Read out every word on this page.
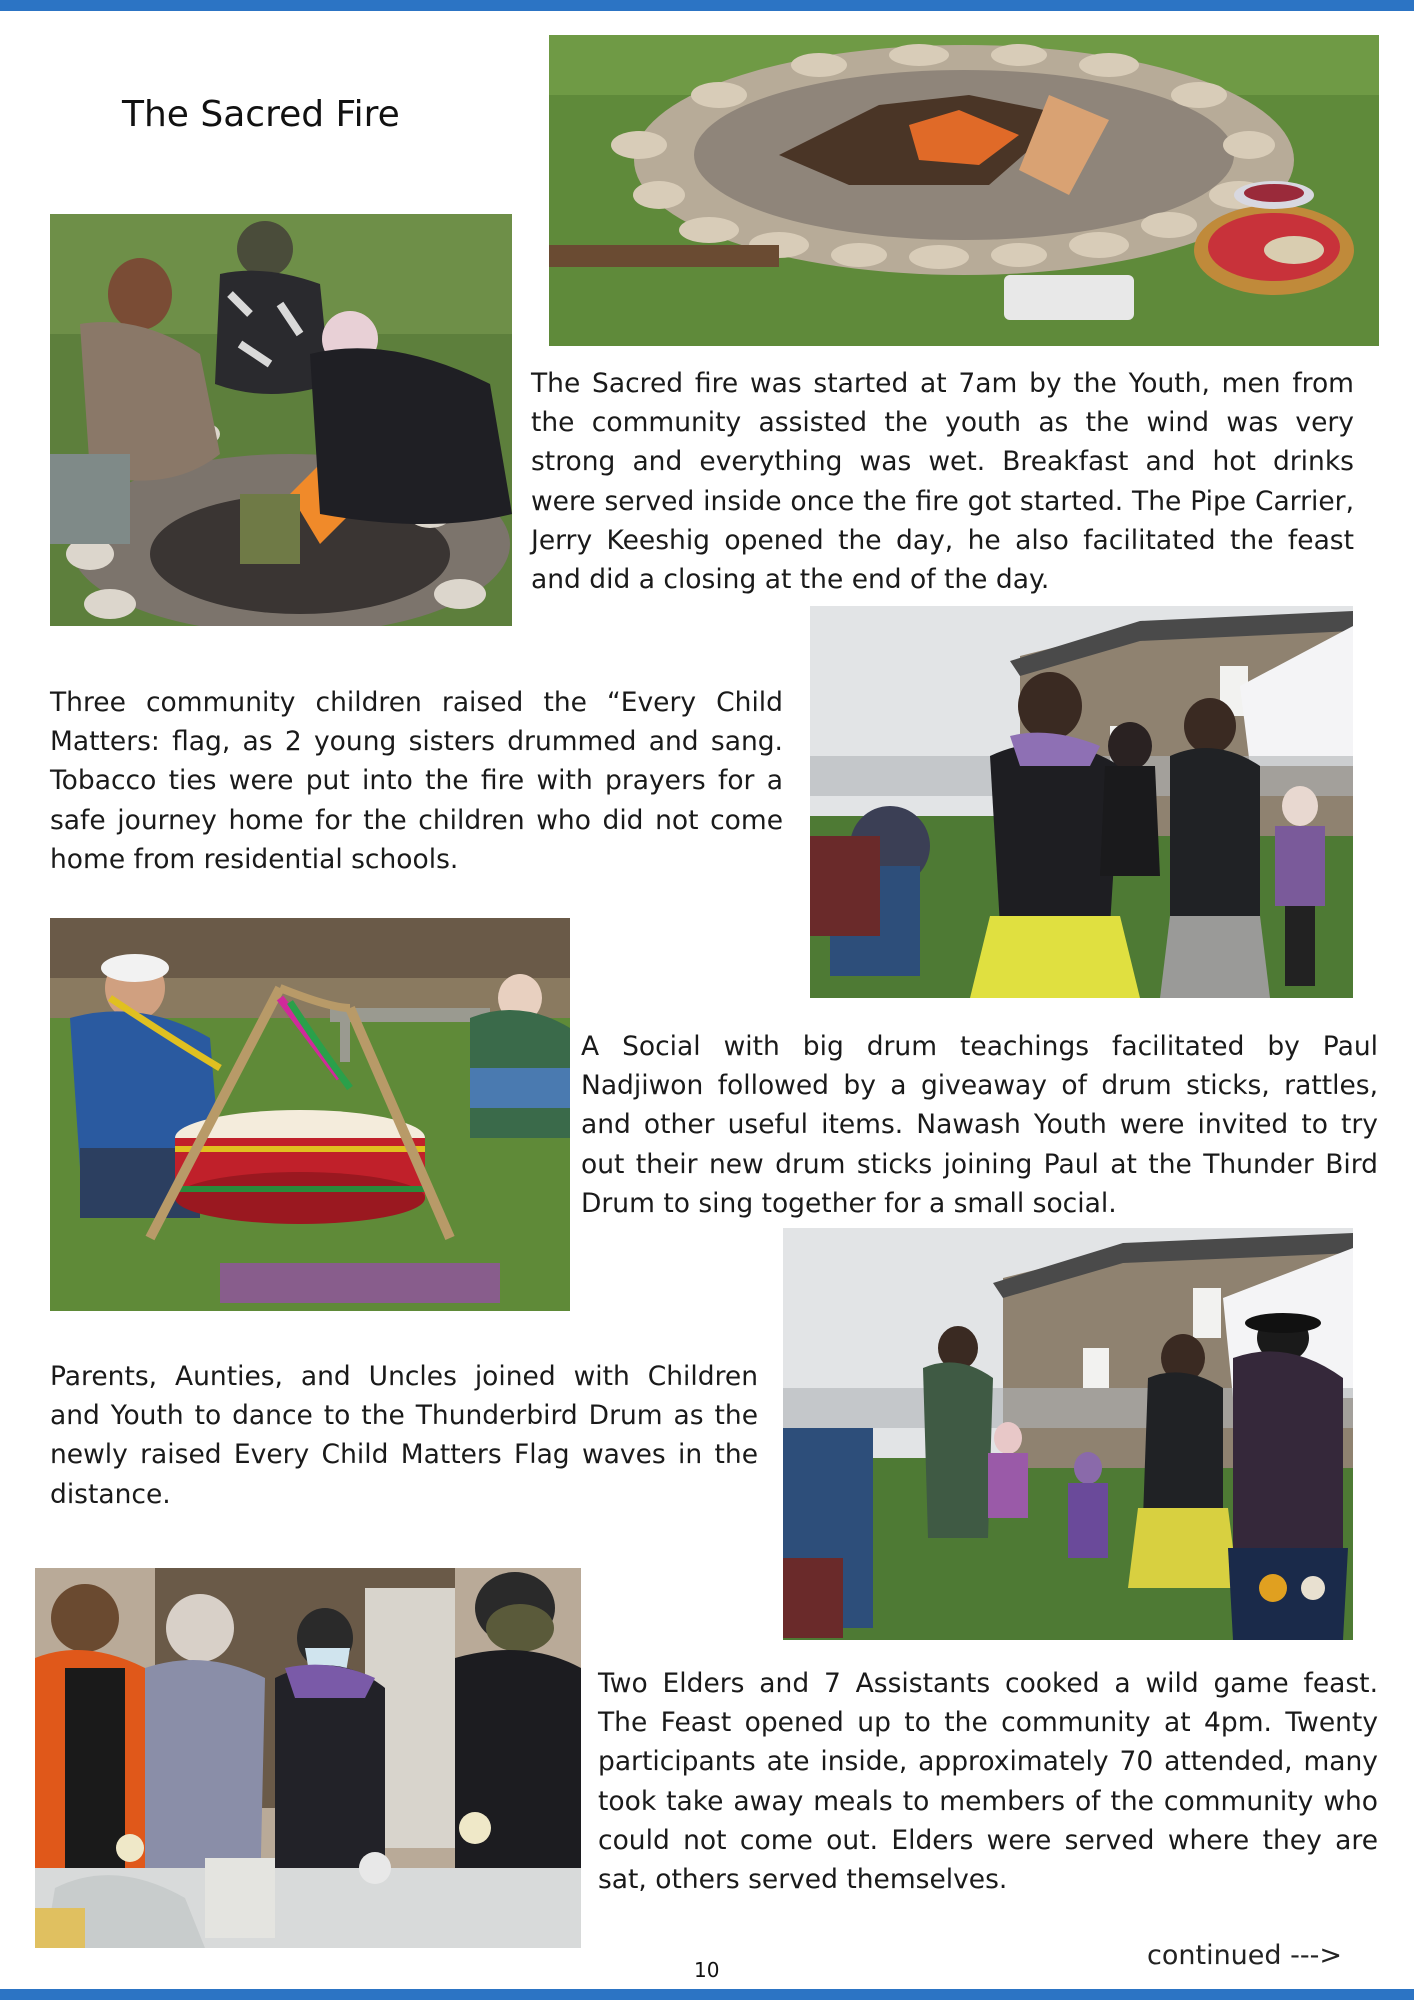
The Sacred Fire

The Sacred fire was started at 7am by the Youth, men from the community assisted the youth as the wind was very strong and everything was wet. Breakfast and hot drinks were served inside once the fire got started. The Pipe Carrier, Jerry Keeshig opened the day, he also facilitated the feast and did a closing at the end of the day.

Three community children raised the “Every Child Matters: flag, as 2 young sisters drummed and sang. Tobacco ties were put into the fire with prayers for a safe journey home for the children who did not come home from residential schools.

A Social with big drum teachings facilitated by Paul Nadjiwon followed by a giveaway of drum sticks, rattles, and other useful items. Nawash Youth were invited to try out their new drum sticks joining Paul at the Thunder Bird Drum to sing together for a small social.

Parents, Aunties, and Uncles joined with Children and Youth to dance to the Thunderbird Drum as the newly raised Every Child Matters Flag waves in the distance.

Two Elders and 7 Assistants cooked a wild game feast. The Feast opened up to the community at 4pm. Twenty participants ate inside, approximately 70 attended, many took take away meals to members of the community who could not come out. Elders were served where they are sat, others served themselves.

continued --->
10
